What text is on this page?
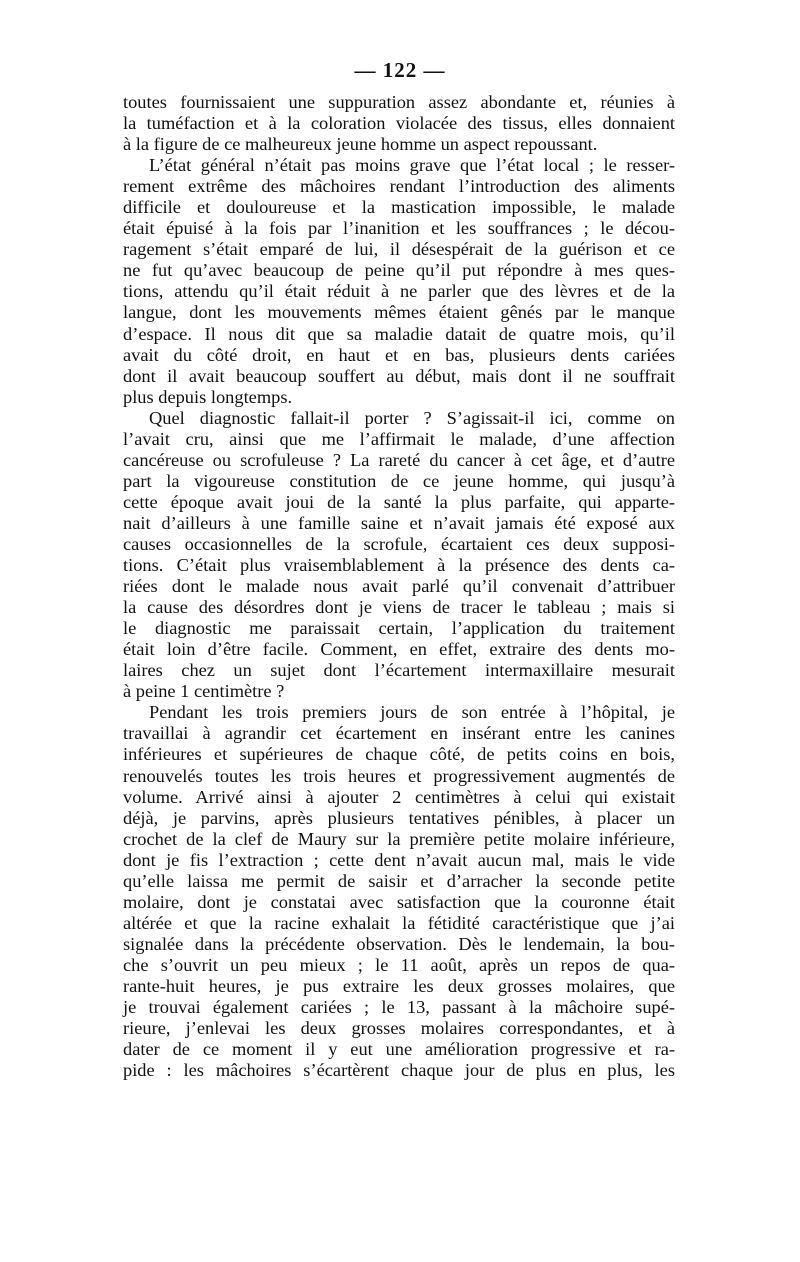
— 122 —
toutes fournissaient une suppuration assez abondante et, réunies à
la tuméfaction et à la coloration violacée des tissus, elles donnaient
à la figure de ce malheureux jeune homme un aspect repoussant.
L’état général n’était pas moins grave que l’état local ; le resser-
rement extrême des mâchoires rendant l’introduction des aliments
difficile et douloureuse et la mastication impossible, le malade
était épuisé à la fois par l’inanition et les souffrances ; le décou-
ragement s’était emparé de lui, il désespérait de la guérison et ce
ne fut qu’avec beaucoup de peine qu’il put répondre à mes ques-
tions, attendu qu’il était réduit à ne parler que des lèvres et de la
langue, dont les mouvements mêmes étaient gênés par le manque
d’espace. Il nous dit que sa maladie datait de quatre mois, qu’il
avait du côté droit, en haut et en bas, plusieurs dents cariées
dont il avait beaucoup souffert au début, mais dont il ne souffrait
plus depuis longtemps.
Quel diagnostic fallait-il porter ? S’agissait-il ici, comme on
l’avait cru, ainsi que me l’affirmait le malade, d’une affection
cancéreuse ou scrofuleuse ? La rareté du cancer à cet âge, et d’autre
part la vigoureuse constitution de ce jeune homme, qui jusqu’à
cette époque avait joui de la santé la plus parfaite, qui apparte-
nait d’ailleurs à une famille saine et n’avait jamais été exposé aux
causes occasionnelles de la scrofule, écartaient ces deux supposi-
tions. C’était plus vraisemblablement à la présence des dents ca-
riées dont le malade nous avait parlé qu’il convenait d’attribuer
la cause des désordres dont je viens de tracer le tableau ; mais si
le diagnostic me paraissait certain, l’application du traitement
était loin d’être facile. Comment, en effet, extraire des dents mo-
laires chez un sujet dont l’écartement intermaxillaire mesurait
à peine 1 centimètre ?
Pendant les trois premiers jours de son entrée à l’hôpital, je
travaillai à agrandir cet écartement en insérant entre les canines
inférieures et supérieures de chaque côté, de petits coins en bois,
renouvelés toutes les trois heures et progressivement augmentés de
volume. Arrivé ainsi à ajouter 2 centimètres à celui qui existait
déjà, je parvins, après plusieurs tentatives pénibles, à placer un
crochet de la clef de Maury sur la première petite molaire inférieure,
dont je fis l’extraction ; cette dent n’avait aucun mal, mais le vide
qu’elle laissa me permit de saisir et d’arracher la seconde petite
molaire, dont je constatai avec satisfaction que la couronne était
altérée et que la racine exhalait la fétidité caractéristique que j’ai
signalée dans la précédente observation. Dès le lendemain, la bou-
che s’ouvrit un peu mieux ; le 11 août, après un repos de qua-
rante-huit heures, je pus extraire les deux grosses molaires, que
je trouvai également cariées ; le 13, passant à la mâchoire supé-
rieure, j’enlevai les deux grosses molaires correspondantes, et à
dater de ce moment il y eut une amélioration progressive et ra-
pide : les mâchoires s’écartèrent chaque jour de plus en plus, les
